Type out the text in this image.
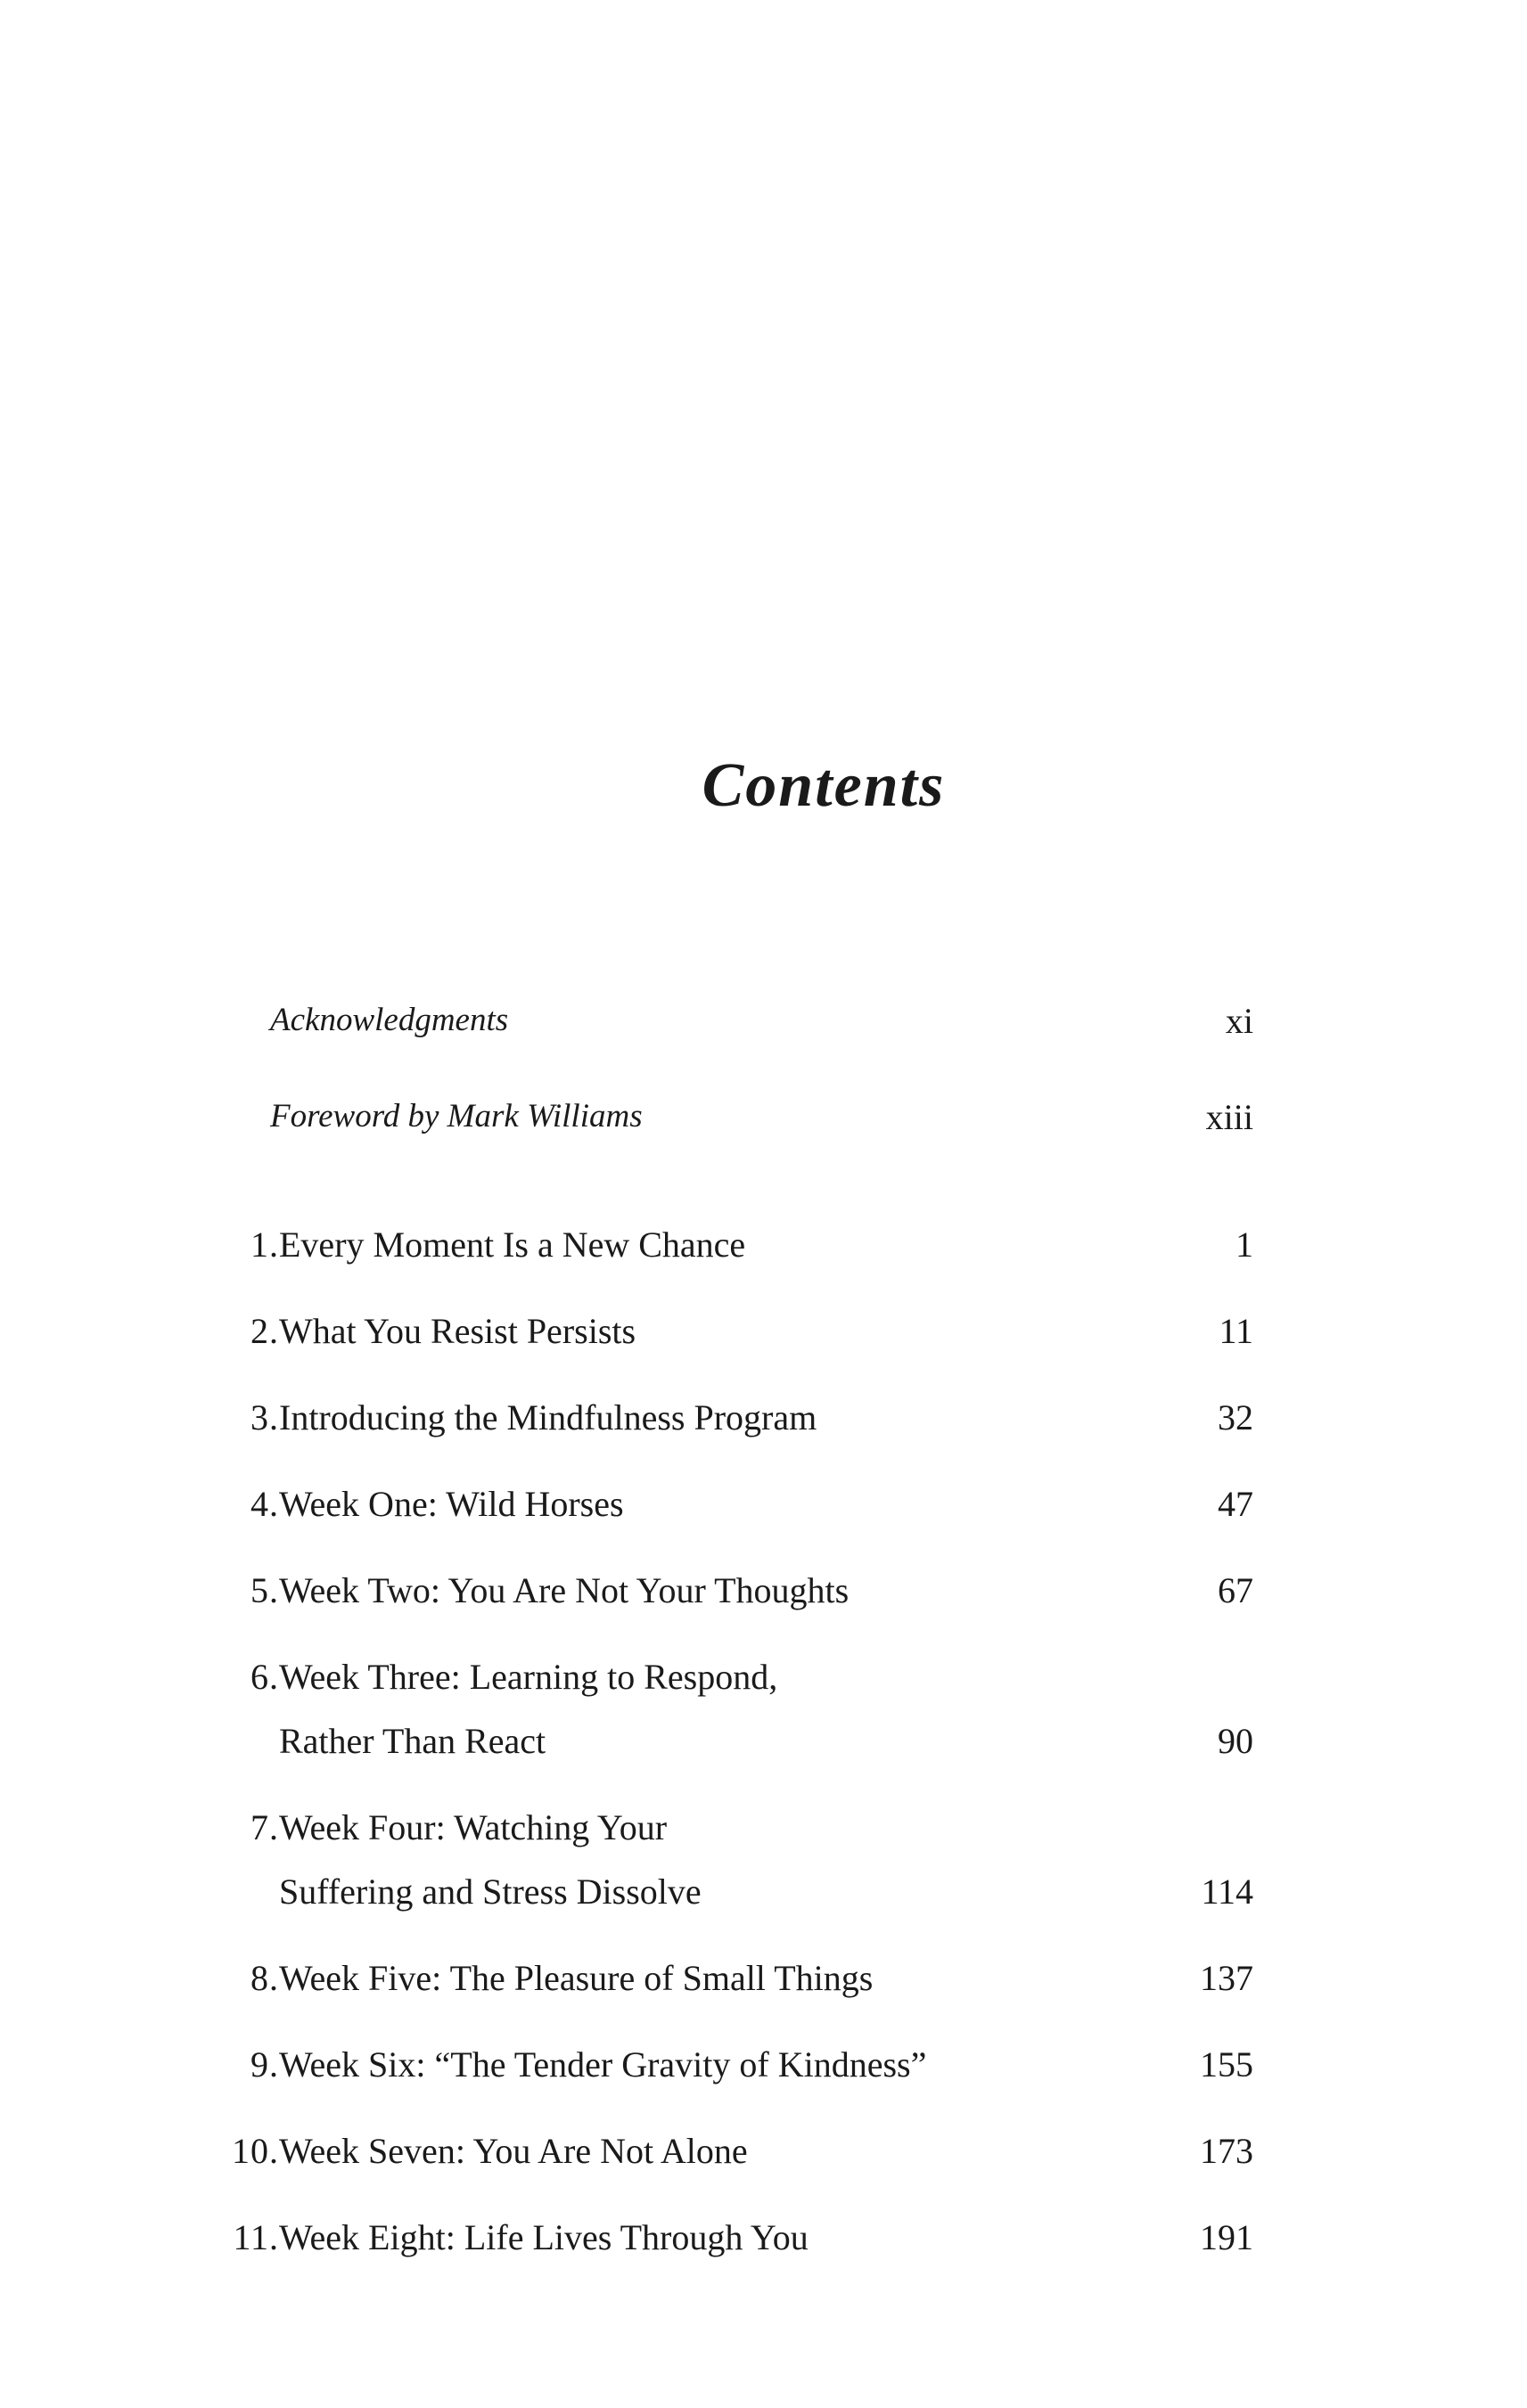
Contents
Acknowledgments	xi
Foreword by Mark Williams	xiii
1. Every Moment Is a New Chance	1
2. What You Resist Persists	11
3. Introducing the Mindfulness Program	32
4. Week One: Wild Horses	47
5. Week Two: You Are Not Your Thoughts	67
6. Week Three: Learning to Respond,
Rather Than React	90
7. Week Four: Watching Your
Suffering and Stress Dissolve	114
8. Week Five: The Pleasure of Small Things	137
9. Week Six: “The Tender Gravity of Kindness”	155
10. Week Seven: You Are Not Alone	173
11. Week Eight: Life Lives Through You	191
